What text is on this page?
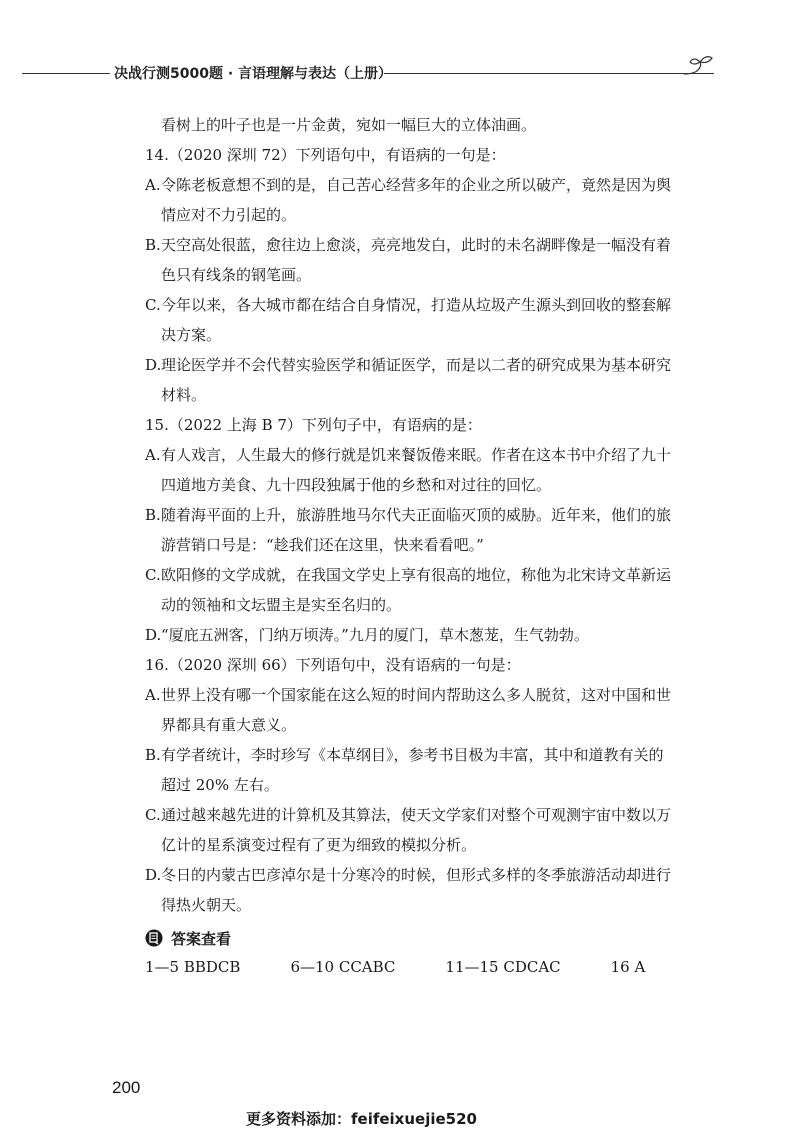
决战行测5000题 · 言语理解与表达（上册）
看树上的叶子也是一片金黄，宛如一幅巨大的立体油画。
14.（2020 深圳 72）下列语句中，有语病的一句是：
A. 令陈老板意想不到的是，自己苦心经营多年的企业之所以破产，竟然是因为舆
情应对不力引起的。
B. 天空高处很蓝，愈往边上愈淡，亮亮地发白，此时的未名湖畔像是一幅没有着
色只有线条的钢笔画。
C. 今年以来，各大城市都在结合自身情况，打造从垃圾产生源头到回收的整套解
决方案。
D. 理论医学并不会代替实验医学和循证医学，而是以二者的研究成果为基本研究
材料。
15.（2022 上海 B 7）下列句子中，有语病的是：
A. 有人戏言，人生最大的修行就是饥来餐饭倦来眠。作者在这本书中介绍了九十
四道地方美食、九十四段独属于他的乡愁和对过往的回忆。
B. 随着海平面的上升，旅游胜地马尔代夫正面临灭顶的威胁。近年来，他们的旅
游营销口号是：“趁我们还在这里，快来看看吧。”
C. 欧阳修的文学成就，在我国文学史上享有很高的地位，称他为北宋诗文革新运
动的领袖和文坛盟主是实至名归的。
D. “厦庇五洲客，门纳万顷涛。”九月的厦门，草木葱茏，生气勃勃。
16.（2020 深圳 66）下列语句中，没有语病的一句是：
A. 世界上没有哪一个国家能在这么短的时间内帮助这么多人脱贫，这对中国和世
界都具有重大意义。
B. 有学者统计，李时珍写《本草纲目》，参考书目极为丰富，其中和道教有关的
超过 20% 左右。
C. 通过越来越先进的计算机及其算法，使天文学家们对整个可观测宇宙中数以万
亿计的星系演变过程有了更为细致的模拟分析。
D. 冬日的内蒙古巴彦淖尔是十分寒冷的时候，但形式多样的冬季旅游活动却进行
得热火朝天。
答案查看
1—5 BBDCB	6—10 CCABC	11—15 CDCAC	16 A
200
更多资料添加：feifeixuejie520
